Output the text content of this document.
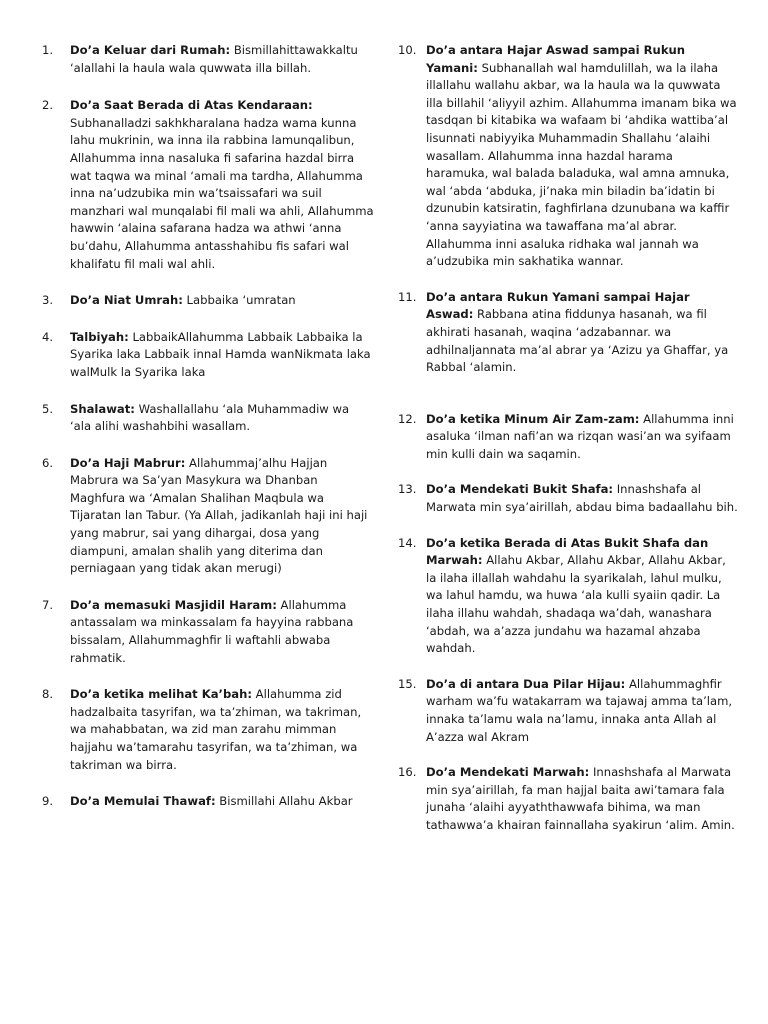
1.	Do’a Keluar dari Rumah: Bismillahittawakkaltu ‘alallahi la haula wala quwwata illa billah.
2.	Do’a Saat Berada di Atas Kendaraan: Subhanalladzi sakhkharalana hadza wama kunna lahu mukrinin, wa inna ila rabbina lamunqalibun, Allahumma inna nasaluka fi safarina hazdal birra wat taqwa wa minal ‘amali ma tardha, Allahumma inna na’udzubika min wa’tsaissafari wa suil manzhari wal munqalabi fil mali wa ahli, Allahumma hawwin ‘alaina safarana hadza wa athwi ‘anna bu’dahu, Allahumma antasshahibu fis safari wal khalifatu fil mali wal ahli.
3.	Do’a Niat Umrah: Labbaika ‘umratan
4.	Talbiyah: LabbaikAllahumma Labbaik Labbaika la Syarika laka Labbaik innal Hamda wanNikmata laka walMulk la Syarika laka
5.	Shalawat: Washallallahu ‘ala Muhammadiw wa ‘ala alihi washahbihi wasallam.
6.	Do’a Haji Mabrur: Allahummaj’alhu Hajjan Mabrura wa Sa’yan Masykura wa Dhanban Maghfura wa ‘Amalan Shalihan Maqbula wa Tijaratan lan Tabur. (Ya Allah, jadikanlah haji ini haji yang mabrur, sai yang dihargai, dosa yang diampuni, amalan shalih yang diterima dan perniagaan yang tidak akan merugi)
7.	Do’a memasuki Masjidil Haram: Allahumma antassalam wa minkassalam fa hayyina rabbana bissalam, Allahummaghfir li waftahli abwaba rahmatik.
8.	Do’a ketika melihat Ka’bah: Allahumma zid hadzalbaita tasyrifan, wa ta’zhiman, wa takriman, wa mahabbatan, wa zid man zarahu mimman hajjahu wa’tamarahu tasyrifan, wa ta’zhiman, wa takriman wa birra.
9.	Do’a Memulai Thawaf: Bismillahi Allahu Akbar
10. Do’a antara Hajar Aswad sampai Rukun Yamani: Subhanallah wal hamdulillah, wa la ilaha illallahu wallahu akbar, wa la haula wa la quwwata illa billahil ‘aliyyil azhim. Allahumma imanam bika wa tasdqan bi kitabika wa wafaam bi ‘ahdika wattiba’al lisunnati nabiyyika Muhammadin Shallahu ‘alaihi wasallam. Allahumma inna hazdal harama haramuka, wal balada baladuka, wal amna amnuka, wal ‘abda ‘abduka, ji’naka min biladin ba’idatin bi dzunubin katsiratin, faghfirlana dzunubana wa kaffir ‘anna sayyiatina wa tawaffana ma’al abrar. Allahumma inni asaluka ridhaka wal jannah wa a’udzubika min sakhatika wannar.
11. Do’a antara Rukun Yamani sampai Hajar Aswad: Rabbana atina fiddunya hasanah, wa fil akhirati hasanah, waqina ‘adzabannar. wa adhilnaljannata ma’al abrar ya ‘Azizu ya Ghaffar, ya Rabbal ‘alamin.
12. Do’a ketika Minum Air Zam-zam: Allahumma inni asaluka ‘ilman nafi’an wa rizqan wasi’an wa syifaam min kulli dain wa saqamin.
13. Do’a Mendekati Bukit Shafa: Innashshafa al Marwata min sya’airillah, abdau bima badaallahu bih.
14. Do’a ketika Berada di Atas Bukit Shafa dan Marwah: Allahu Akbar, Allahu Akbar, Allahu Akbar, la ilaha illallah wahdahu la syarikalah, lahul mulku, wa lahul hamdu, wa huwa ‘ala kulli syaiin qadir. La ilaha illahu wahdah, shadaqa wa’dah, wanashara ‘abdah, wa a’azza jundahu wa hazamal ahzaba wahdah.
15. Do’a di antara Dua Pilar Hijau: Allahummaghfir warham wa’fu watakarram wa tajawaj amma ta’lam, innaka ta’lamu wala na’lamu, innaka anta Allah al A’azza wal Akram
16. Do’a Mendekati Marwah: Innashshafa al Marwata min sya’airillah, fa man hajjal baita awi’tamara fala junaha ‘alaihi ayyaththawwafa bihima, wa man tathawwa’a khairan fainnallaha syakirun ‘alim. Amin.
